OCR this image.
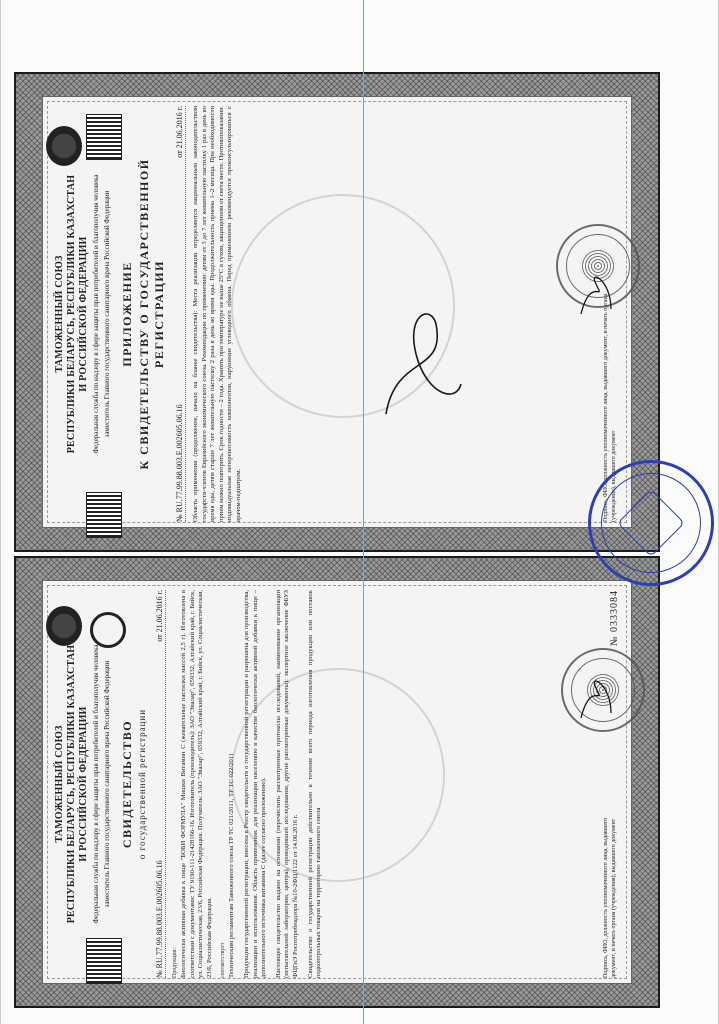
ТАМОЖЕННЫЙ СОЮЗ РЕСПУБЛИКИ БЕЛАРУСЬ, РЕСПУБЛИКИ КАЗАХСТАН И РОССИЙСКОЙ ФЕДЕРАЦИИ Федеральная служба по надзору в сфере защиты прав потребителей и благополучия человека заместитель Главного государственного санитарного врача Российской Федерации ПРИЛОЖЕНИЕ К СВИДЕТЕЛЬСТВУ О ГОСУДАРСТВЕННОЙ РЕГИСТРАЦИИ
№ RU.77.99.88.003.E.002605.06.16
от 21.06.2016 г. Область применения (продолжение, начало на бланке свидетельства): Места реализации определяются национальным законодательством государств-членов Евразийского экономического союза. Рекомендации по применению: детям от 3 до 7 лет жевательную пастилку 1 раз в день во время еды, детям старше 7 лет жевательную пастилку 2 раза в день во время еды. Продолжительность приема 1–2 месяца. При необходимости прием можно повторить. Срок годности – 2 года. Хранить при температуре не выше 25°С в сухом, защищенном от света месте. Противопоказания: индивидуальная непереносимость компонентов, нарушение углеводного обмена. Перед применением рекомендуется проконсультироваться с врачом-педиатром.	Подпись, ФИО, должность уполномоченного лица, выдавшего документ, и печать органа (учреждения), выдавшего документ
ТАМОЖЕННЫЙ СОЮЗ РЕСПУБЛИКИ БЕЛАРУСЬ, РЕСПУБЛИКИ КАЗАХСТАН И РОССИЙСКОЙ ФЕДЕРАЦИИ Федеральная служба по надзору в сфере защиты прав потребителей и благополучия человека заместитель Главного государственного санитарного врача Российской Федерации СВИДЕТЕЛЬСТВО о государственной регистрации
№ RU.77.99.88.003.E.002605.06.16
от 21.06.2016 г.
Продукция: Биологически активная добавка к пище "БОБИ ФОРМУЛА" Мишки Витамин С (жевательные пастилки массой 2,5 г). Изготовлена в соответствии с документами: ТУ 9190-111-21428166-16. Изготовитель (производитель): ЗАО "Эвалар", 659332, Алтайский край, г. Бийск, ул. Социалистическая, 23/6, Российская Федерация. Получатель: ЗАО "Эвалар", 659332, Алтайский край, г. Бийск, ул. Социалистическая, 23/6, Российская Федерация. соответствует Техническим регламентам Таможенного союза ТР ТС 021/2011, ТР ТС 022/2011 Продукция государственной регистрации, внесена в Реестр свидетельств о государственной регистрации и разрешена для производства, реализации и использования. Область применения: для реализации населению в качестве биологически активной добавки к пище – дополнительного источника витамина С (далее согласно приложению). Настоящее свидетельство выдано на основании (перечислить рассмотренные протоколы исследований, наименование организации (испытательной лаборатории, центра), проводившей исследования, другие рассмотренные документы): экспертное заключение ФБУЗ ФЦГиЭ Роспотребнадзора №10-2ФЦ/1122 от 14.06.2016 г. Свидетельство о государственной регистрации действительно в течение всего периода изготовления продукции или поставок подконтрольных товаров на территорию таможенного союза	Подпись, ФИО, должность уполномоченного лица, выдавшего документ, и печать органа (учреждения), выдавшего документ
№ 0333084
